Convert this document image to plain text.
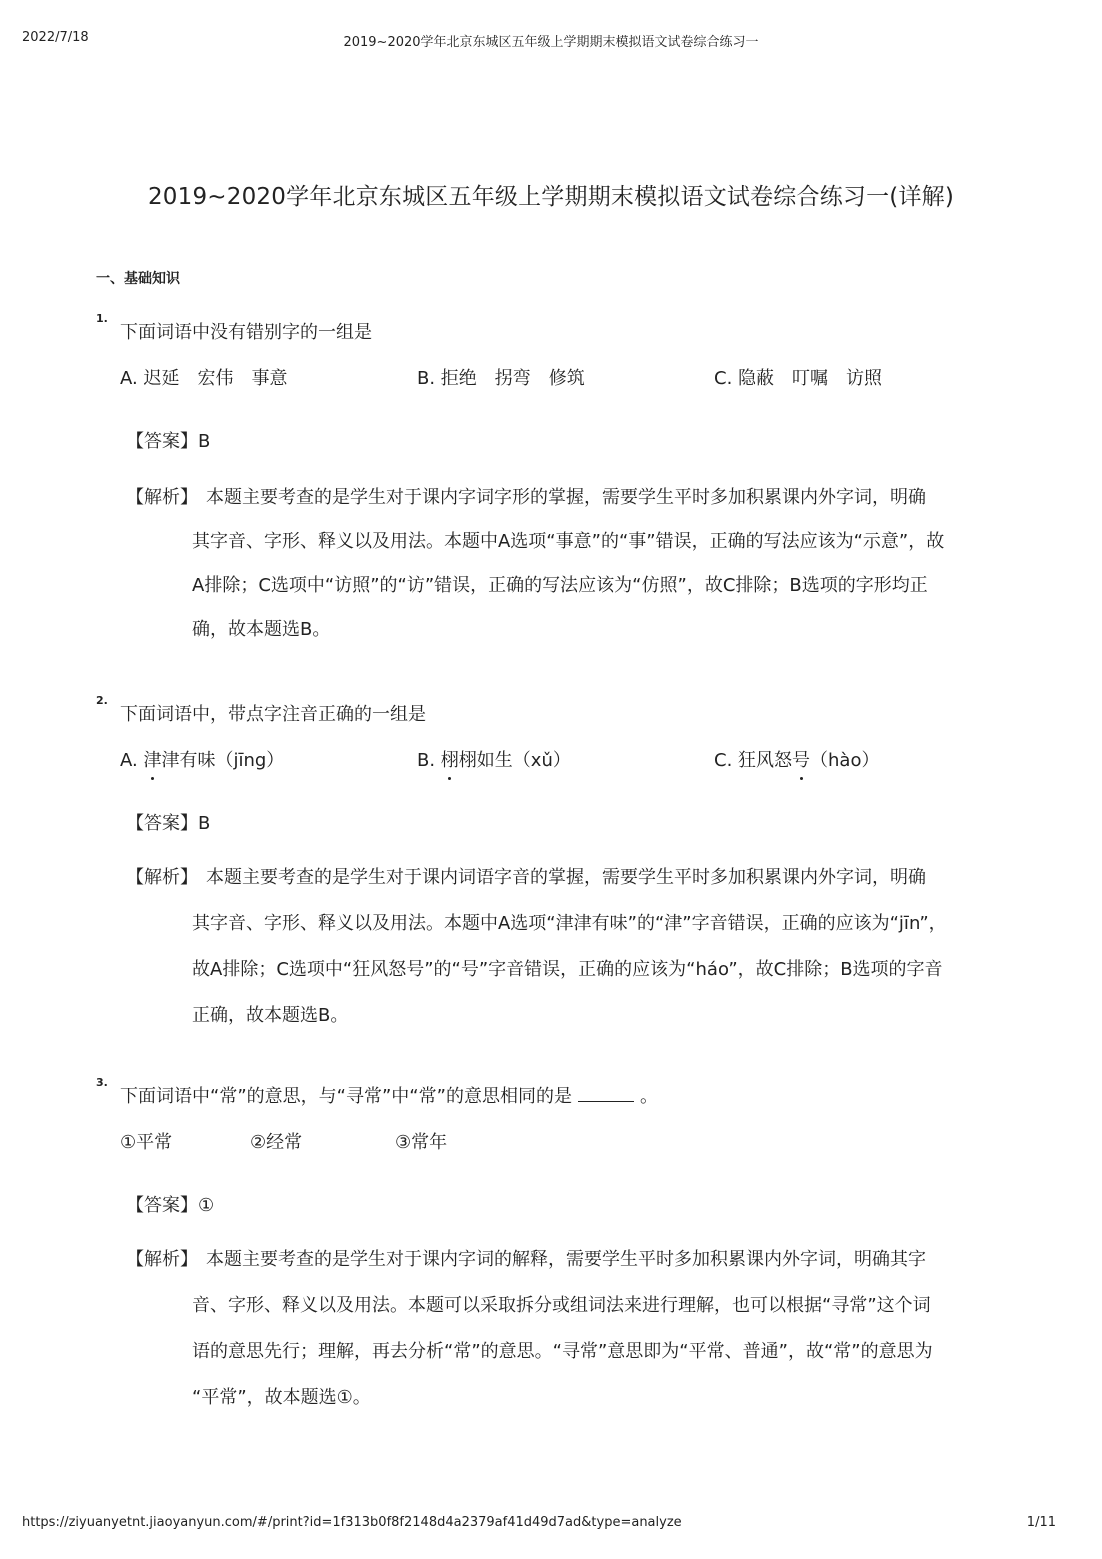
2022/7/18	2019~2020学年北京东城区五年级上学期期末模拟语文试卷综合练习一
2019~2020学年北京东城区五年级上学期期末模拟语文试卷综合练习一(详解)
一、基础知识
1.
下面词语中没有错别字的一组是
A. 迟延　宏伟　事意	B. 拒绝　拐弯　修筑	C. 隐蔽　叮嘱　访照
【答案】B
【解析】 本题主要考查的是学生对于课内字词字形的掌握，需要学生平时多加积累课内外字词，明确
其字音、字形、释义以及用法。本题中A选项“事意”的“事”错误，正确的写法应该为“示意”，故
A排除；C选项中“访照”的“访”错误，正确的写法应该为“仿照”，故C排除；B选项的字形均正
确，故本题选B。
2.
下面词语中，带点字注音正确的一组是
A. 津津有味（jīng）	B. 栩栩如生（xǔ）	C. 狂风怒号（hào）
【答案】B
【解析】 本题主要考查的是学生对于课内词语字音的掌握，需要学生平时多加积累课内外字词，明确
其字音、字形、释义以及用法。本题中A选项“津津有味”的“津”字音错误，正确的应该为“jīn”，
故A排除；C选项中“狂风怒号”的“号”字音错误，正确的应该为“háo”，故C排除；B选项的字音
正确，故本题选B。
3.
下面词语中“常”的意思，与“寻常”中“常”的意思相同的是	。
①平常	②经常	③常年
【答案】①
【解析】 本题主要考查的是学生对于课内字词的解释，需要学生平时多加积累课内外字词，明确其字
音、字形、释义以及用法。本题可以采取拆分或组词法来进行理解，也可以根据“寻常”这个词
语的意思先行；理解，再去分析“常”的意思。“寻常”意思即为“平常、普通”，故“常”的意思为
“平常”，故本题选①。
https://ziyuanyetnt.jiaoyanyun.com/#/print?id=1f313b0f8f2148d4a2379af41d49d7ad&type=analyze	1/11
